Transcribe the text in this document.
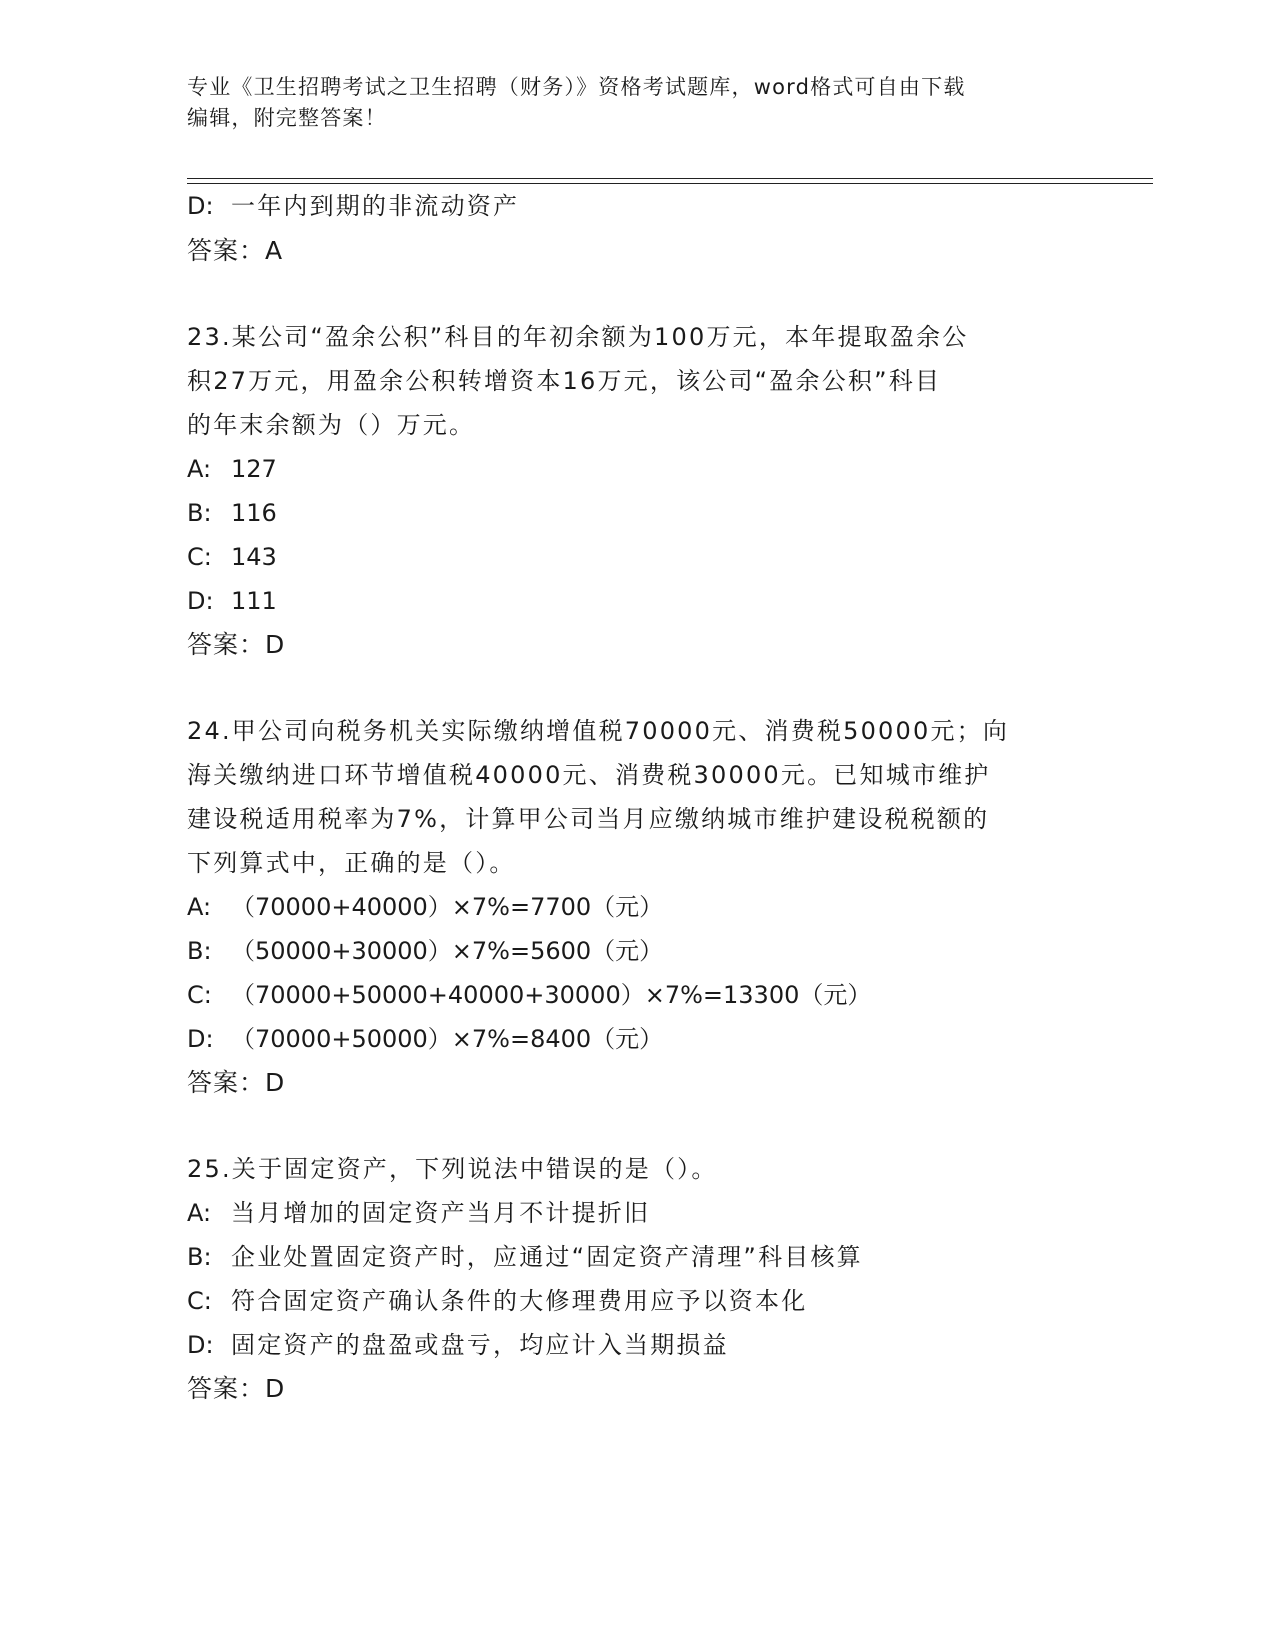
专业《卫生招聘考试之卫生招聘（财务）》资格考试题库，word格式可自由下载
编辑，附完整答案！
D: 一年内到期的非流动资产
答案：A
23.某公司“盈余公积”科目的年初余额为100万元，本年提取盈余公
积27万元，用盈余公积转增资本16万元，该公司“盈余公积”科目
的年末余额为（）万元。
A: 127
B: 116
C: 143
D: 111
答案：D
24.甲公司向税务机关实际缴纳增值税70000元、消费税50000元；向
海关缴纳进口环节增值税40000元、消费税30000元。已知城市维护
建设税适用税率为7%，计算甲公司当月应缴纳城市维护建设税税额的
下列算式中，正确的是（）。
A: （70000+40000）×7%=7700（元）
B: （50000+30000）×7%=5600（元）
C: （70000+50000+40000+30000）×7%=13300（元）
D: （70000+50000）×7%=8400（元）
答案：D
25.关于固定资产，下列说法中错误的是（）。
A: 当月增加的固定资产当月不计提折旧
B: 企业处置固定资产时，应通过“固定资产清理”科目核算
C: 符合固定资产确认条件的大修理费用应予以资本化
D: 固定资产的盘盈或盘亏，均应计入当期损益
答案：D
